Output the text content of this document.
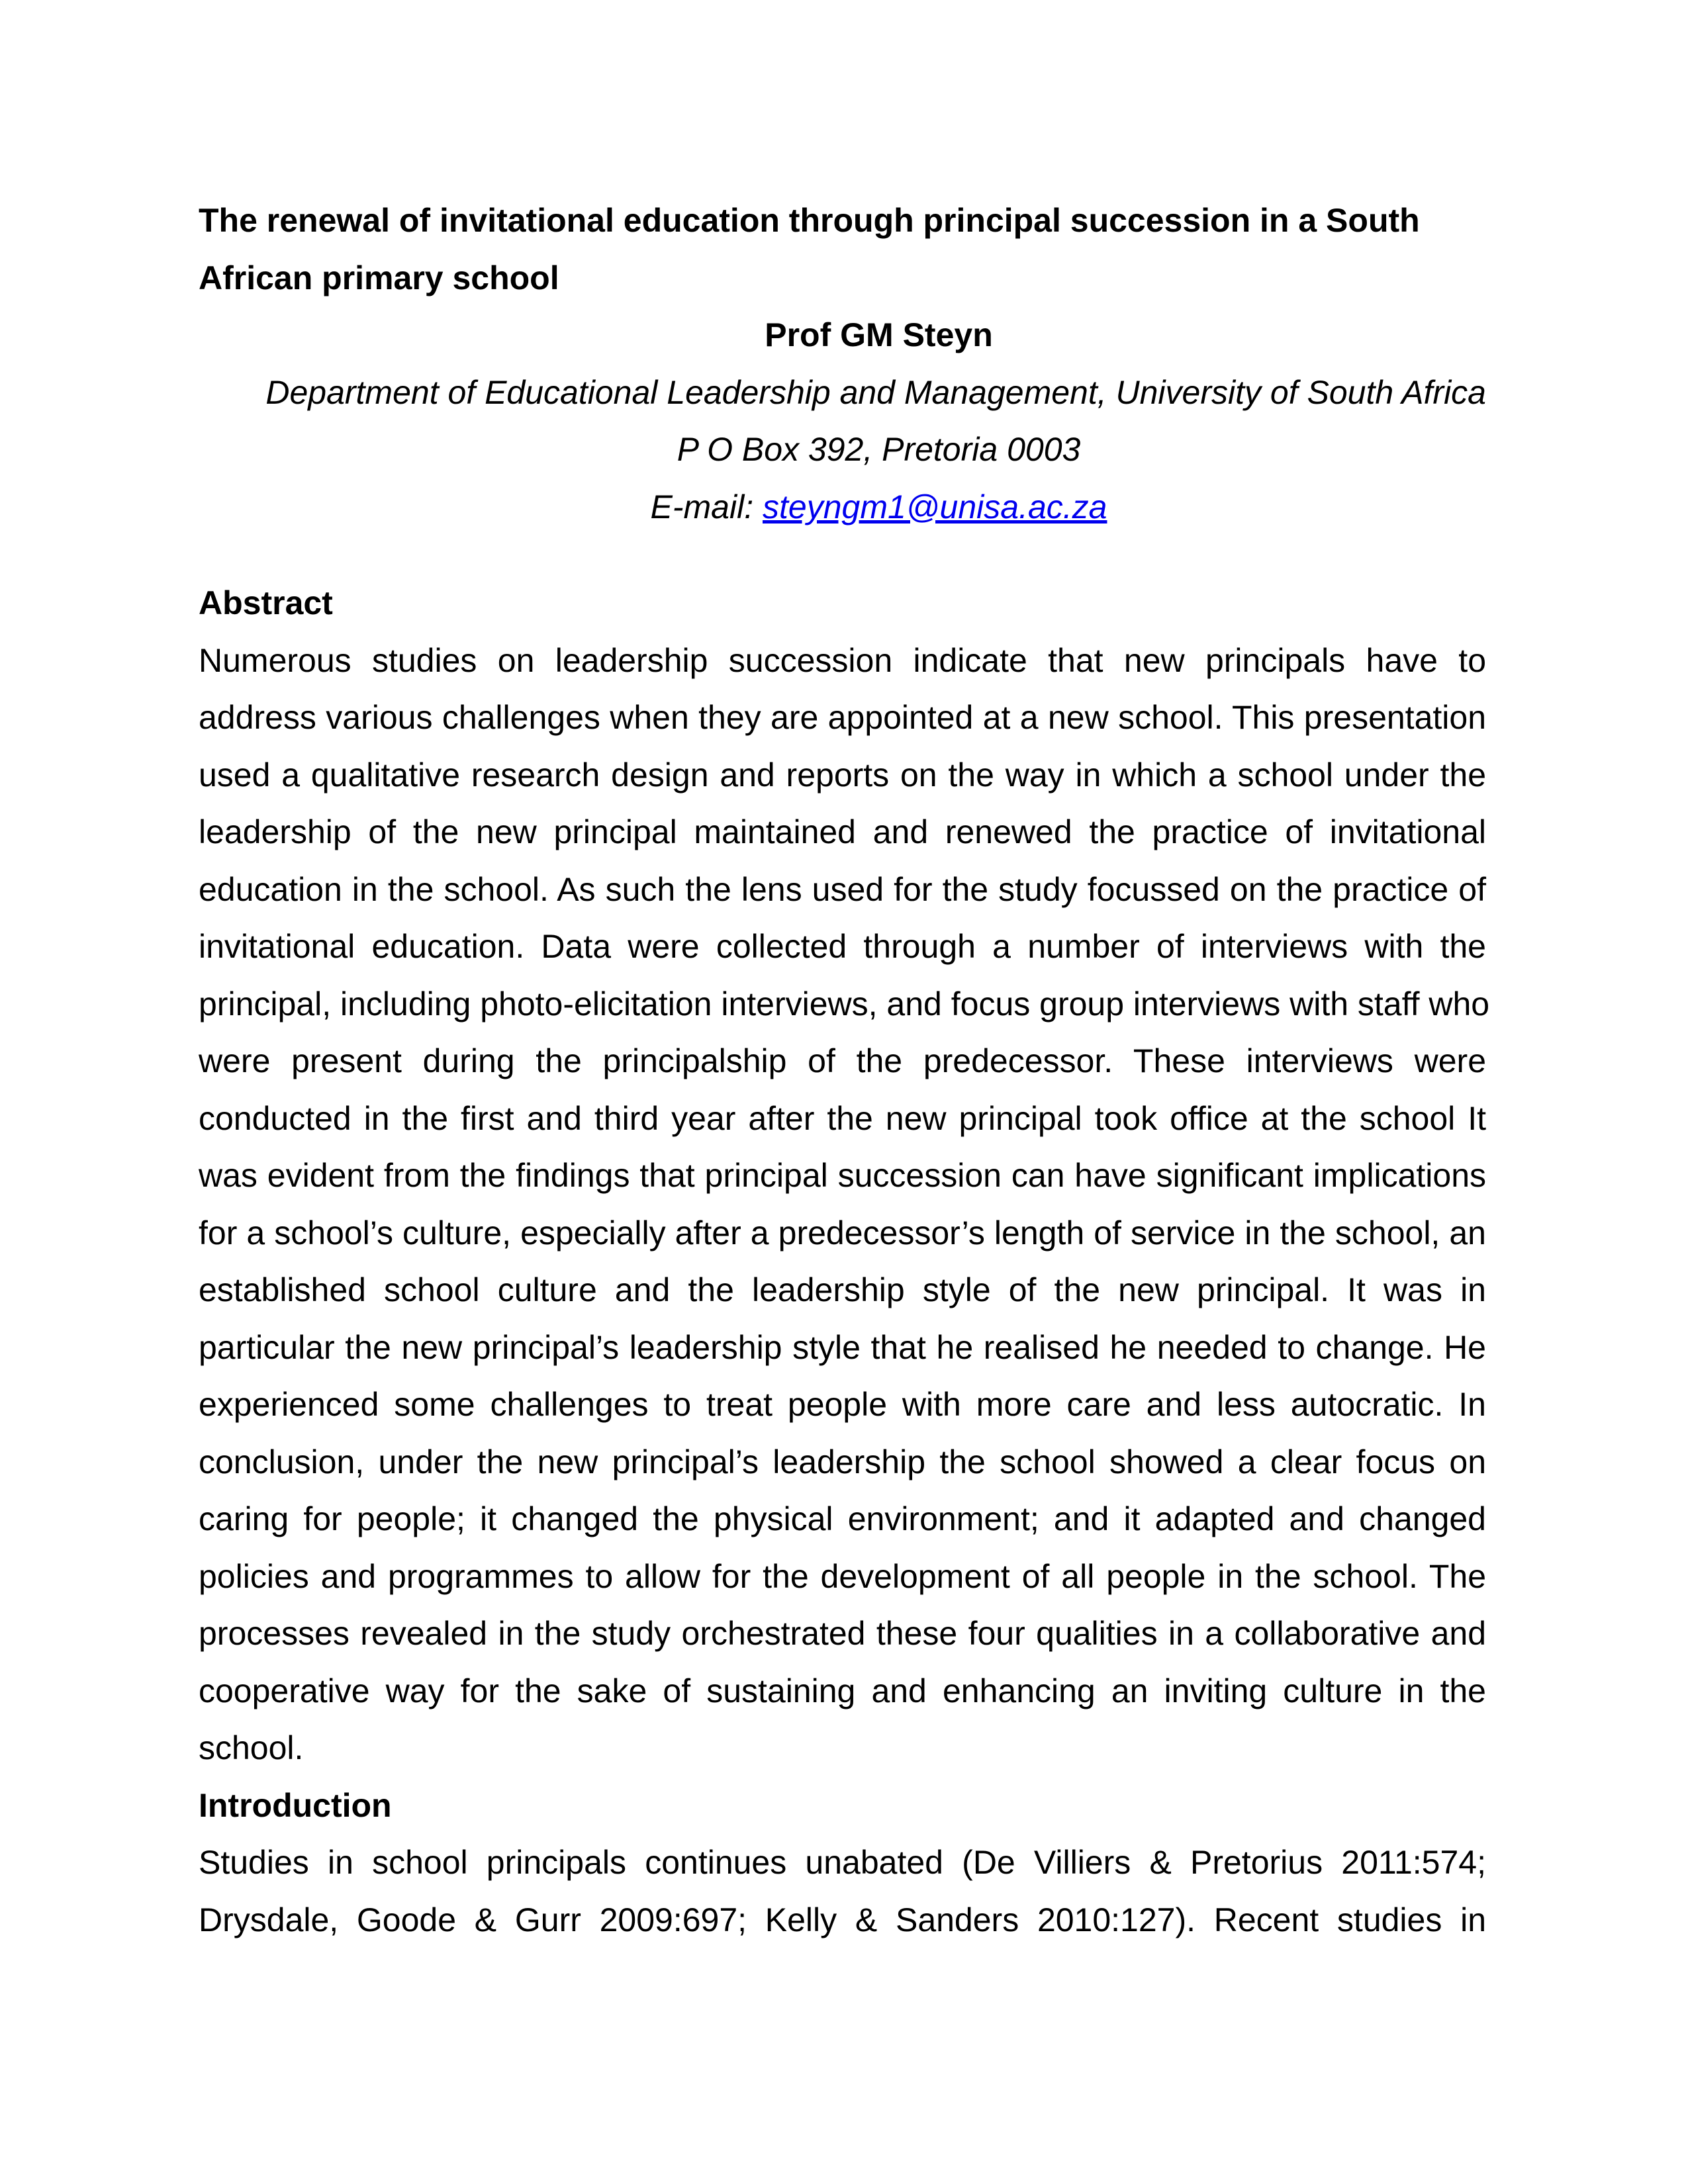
The renewal of invitational education through principal succession in a South
African primary school

Prof GM Steyn

Department of Educational Leadership and Management, University of South Africa

P O Box 392, Pretoria 0003

E-mail: steyngm1@unisa.ac.za

Abstract

Numerous studies on leadership succession indicate that new principals have to
address various challenges when they are appointed at a new school. This presentation
used a qualitative research design and reports on the way in which a school under the
leadership of the new principal maintained and renewed the practice of invitational
education in the school. As such the lens used for the study focussed on the practice of
invitational education. Data were collected through a number of interviews with the
principal, including photo-elicitation interviews, and focus group interviews with staff who
were present during the principalship of the predecessor. These interviews were
conducted in the first and third year after the new principal took office at the school It
was evident from the findings that principal succession can have significant implications
for a school’s culture, especially after a predecessor’s length of service in the school, an
established school culture and the leadership style of the new principal. It was in
particular the new principal’s leadership style that he realised he needed to change. He
experienced some challenges to treat people with more care and less autocratic. In
conclusion, under the new principal’s leadership the school showed a clear focus on
caring for people; it changed the physical environment; and it adapted and changed
policies and programmes to allow for the development of all people in the school. The
processes revealed in the study orchestrated these four qualities in a collaborative and
cooperative way for the sake of sustaining and enhancing an inviting culture in the
school.

Introduction

Studies in school principals continues unabated (De Villiers & Pretorius 2011:574;
Drysdale, Goode & Gurr 2009:697; Kelly & Sanders 2010:127). Recent studies in
